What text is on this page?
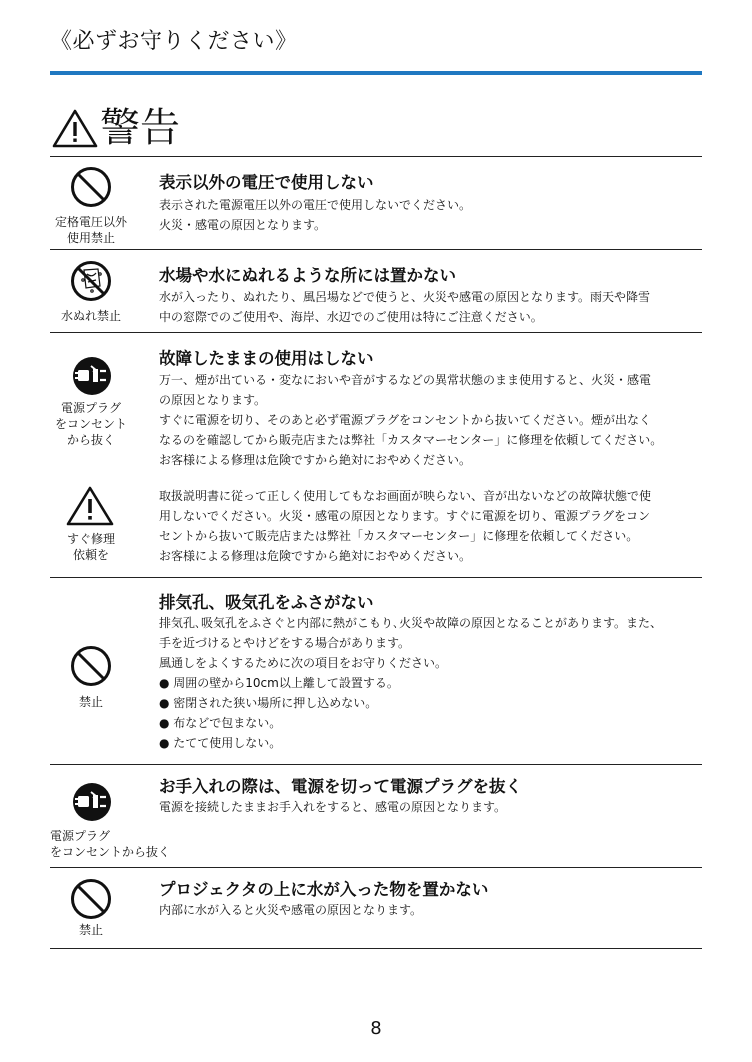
《必ずお守りください》
警告
定格電圧以外
使用禁止
表示以外の電圧で使用しない

表示された電源電圧以外の電圧で使用しないでください。

火災・感電の原因となります。

水ぬれ禁止
水場や水にぬれるような所には置かない

水が入ったり、ぬれたり、風呂場などで使うと、火災や感電の原因となります。雨天や降雪

中の窓際でのご使用や、海岸、水辺でのご使用は特にご注意ください。

電源プラグ
をコンセント
から抜く
故障したままの使用はしない

万一、煙が出ている・変なにおいや音がするなどの異常状態のまま使用すると、火災・感電

の原因となります。

すぐに電源を切り、そのあと必ず電源プラグをコンセントから抜いてください。煙が出なく

なるのを確認してから販売店または弊社「カスタマーセンター」に修理を依頼してください。

お客様による修理は危険ですから絶対におやめください。

すぐ修理
依頼を

取扱説明書に従って正しく使用してもなお画面が映らない、音が出ないなどの故障状態で使

用しないでください。火災・感電の原因となります。すぐに電源を切り、電源プラグをコン

セントから抜いて販売店または弊社「カスタマーセンター」に修理を依頼してください。

お客様による修理は危険ですから絶対におやめください。

禁止
排気孔、吸気孔をふさがない

排気孔､吸気孔をふさぐと内部に熱がこもり､火災や故障の原因となることがあります。また、

手を近づけるとやけどをする場合があります。

風通しをよくするために次の項目をお守りください。

● 周囲の壁から10cm以上離して設置する。

● 密閉された狭い場所に押し込めない。

● 布などで包まない。

● たてて使用しない。

電源プラグ
をコンセントから抜く
お手入れの際は、電源を切って電源プラグを抜く

電源を接続したままお手入れをすると、感電の原因となります。

禁止
プロジェクタの上に水が入った物を置かない

内部に水が入ると火災や感電の原因となります。

8
